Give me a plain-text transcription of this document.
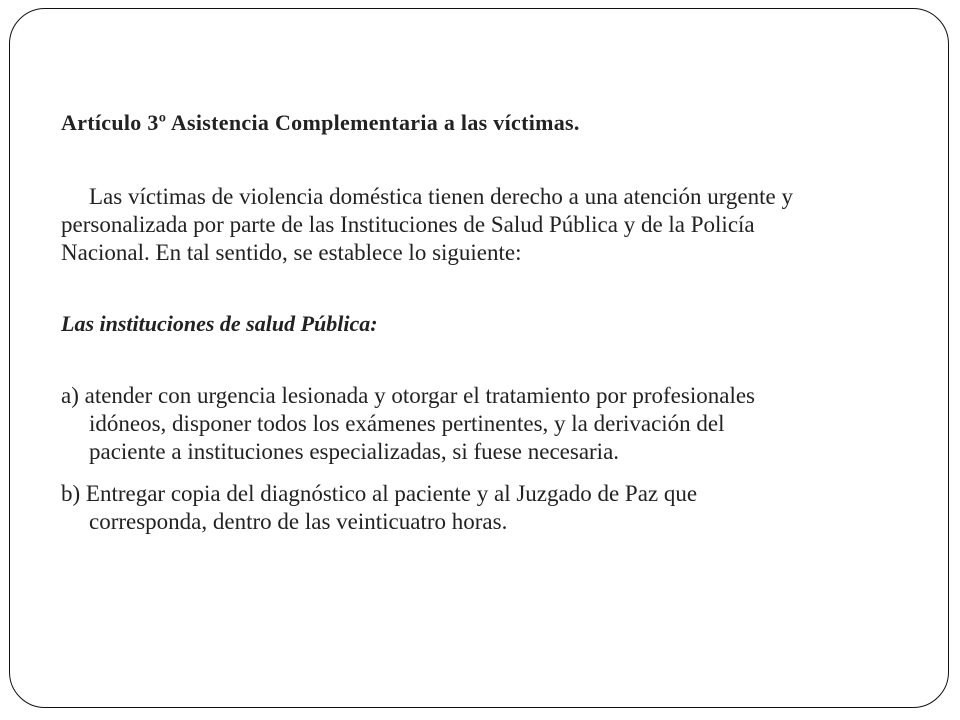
Artículo 3º Asistencia Complementaria a las víctimas.

Las víctimas de violencia doméstica tienen derecho a una atención urgente y

personalizada por parte de las Instituciones de Salud Pública y de la Policía

Nacional. En tal sentido, se establece lo siguiente:

Las instituciones de salud Pública:

a) atender con urgencia lesionada y otorgar el tratamiento por profesionales

idóneos, disponer todos los exámenes pertinentes, y la derivación del

paciente a instituciones especializadas, si fuese necesaria.

b) Entregar copia del diagnóstico al paciente y al Juzgado de Paz que

corresponda, dentro de las veinticuatro horas.
